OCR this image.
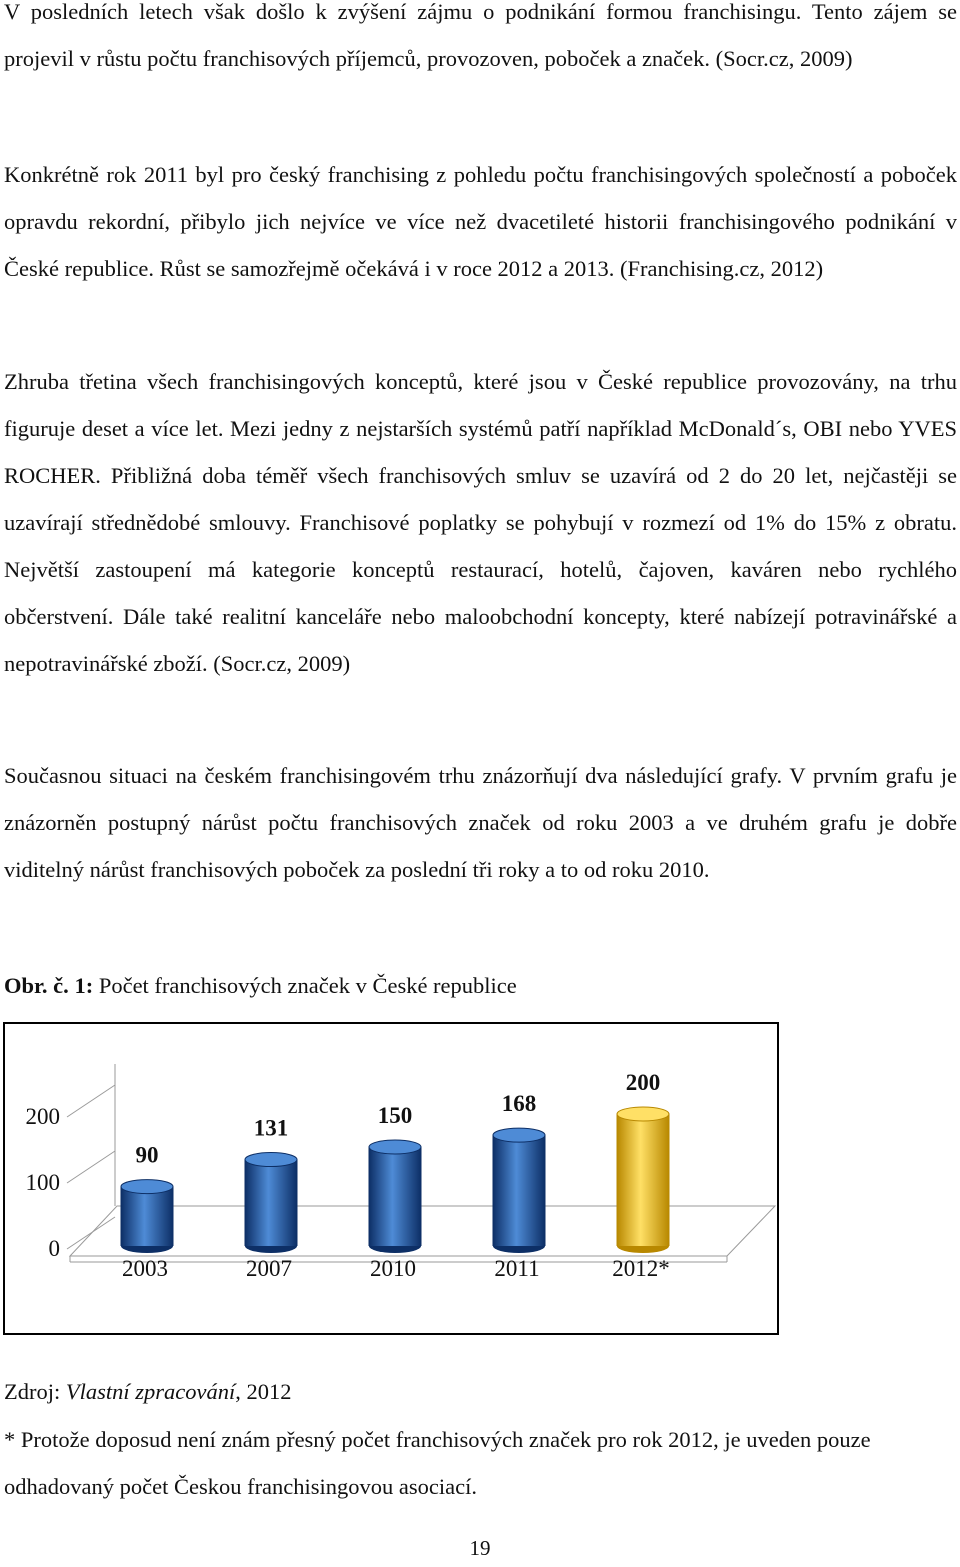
V posledních letech však došlo k zvýšení zájmu o podnikání formou franchisingu. Tento zájem se projevil v růstu počtu franchisových příjemců, provozoven, poboček a značek. (Socr.cz, 2009)
Konkrétně rok 2011 byl pro český franchising z pohledu počtu franchisingových společností a poboček opravdu rekordní, přibylo jich nejvíce ve více než dvacetileté historii franchisingového podnikání v České republice. Růst se samozřejmě očekává i v roce 2012 a 2013. (Franchising.cz, 2012)
Zhruba třetina všech franchisingových konceptů, které jsou v České republice provozovány, na trhu figuruje deset a více let. Mezi jedny z nejstarších systémů patří například McDonald´s, OBI nebo YVES ROCHER. Přibližná doba téměř všech franchisových smluv se uzavírá od 2 do 20 let, nejčastěji se uzavírají střednědobé smlouvy. Franchisové poplatky se pohybují v rozmezí od 1% do 15% z obratu. Největší zastoupení má kategorie konceptů restaurací, hotelů, čajoven, kaváren nebo rychlého občerstvení. Dále také realitní kanceláře nebo maloobchodní koncepty, které nabízejí potravinářské a nepotravinářské zboží. (Socr.cz, 2009)
Současnou situaci na českém franchisingovém trhu znázorňují dva následující grafy. V prvním grafu je znázorněn postupný nárůst počtu franchisových značek od roku 2003 a ve druhém grafu je dobře viditelný nárůst franchisových poboček za poslední tři roky a to od roku 2010.
Obr. č. 1: Počet franchisových značek v České republice
0
100
200
90
2003
131
2007
150
2010
168
2011
200
2012*
Zdroj: Vlastní zpracování, 2012
* Protože doposud není znám přesný počet franchisových značek pro rok 2012, je uveden pouze odhadovaný počet Českou franchisingovou asociací.
19
